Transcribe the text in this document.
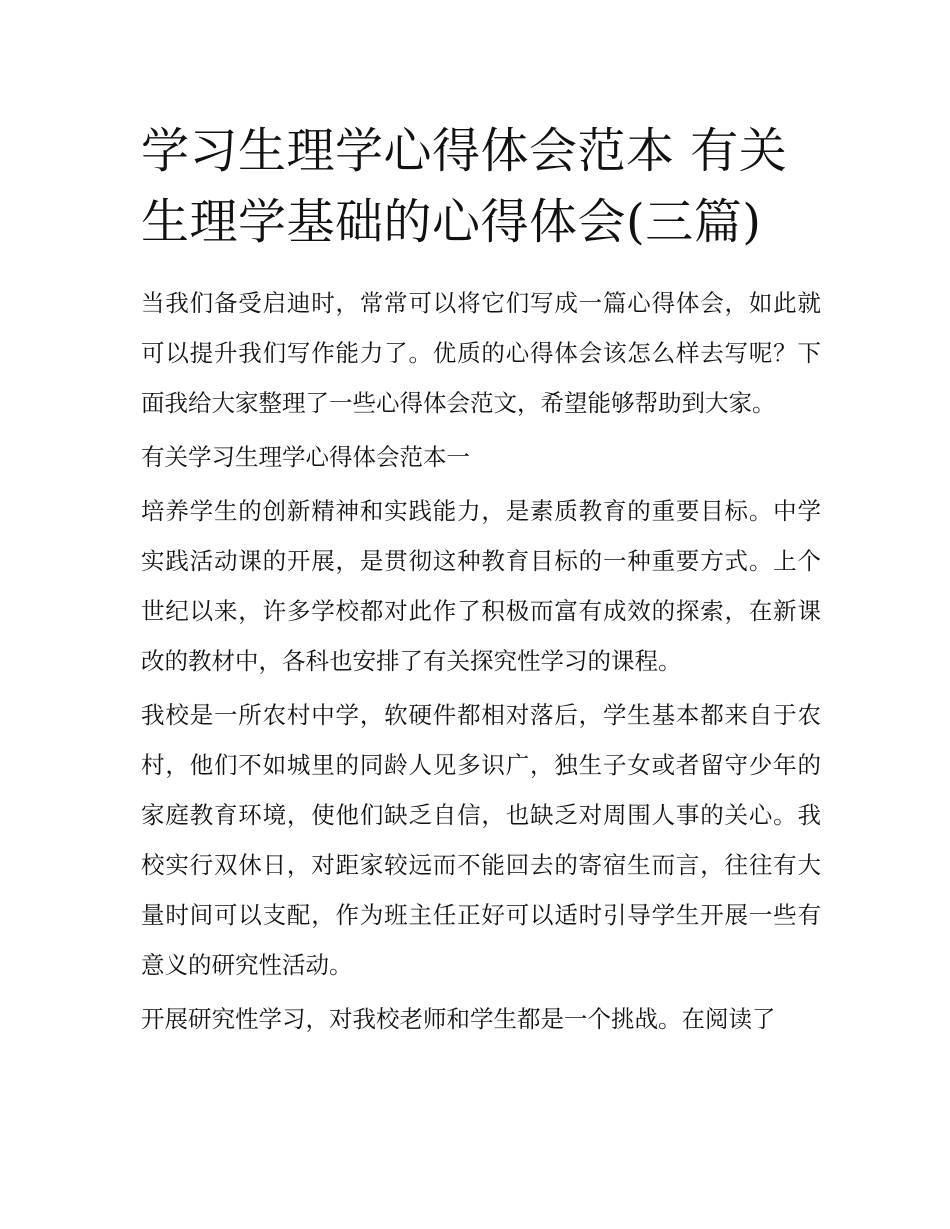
学习生理学心得体会范本 有关生理学基础的心得体会(三篇)

当我们备受启迪时，常常可以将它们写成一篇心得体会，如此就可以提升我们写作能力了。优质的心得体会该怎么样去写呢？下面我给大家整理了一些心得体会范文，希望能够帮助到大家。

有关学习生理学心得体会范本一

培养学生的创新精神和实践能力，是素质教育的重要目标。中学实践活动课的开展，是贯彻这种教育目标的一种重要方式。上个世纪以来，许多学校都对此作了积极而富有成效的探索，在新课改的教材中，各科也安排了有关探究性学习的课程。

我校是一所农村中学，软硬件都相对落后，学生基本都来自于农村，他们不如城里的同龄人见多识广，独生子女或者留守少年的家庭教育环境，使他们缺乏自信，也缺乏对周围人事的关心。我校实行双休日，对距家较远而不能回去的寄宿生而言，往往有大量时间可以支配，作为班主任正好可以适时引导学生开展一些有意义的研究性活动。

开展研究性学习，对我校老师和学生都是一个挑战。在阅读了
